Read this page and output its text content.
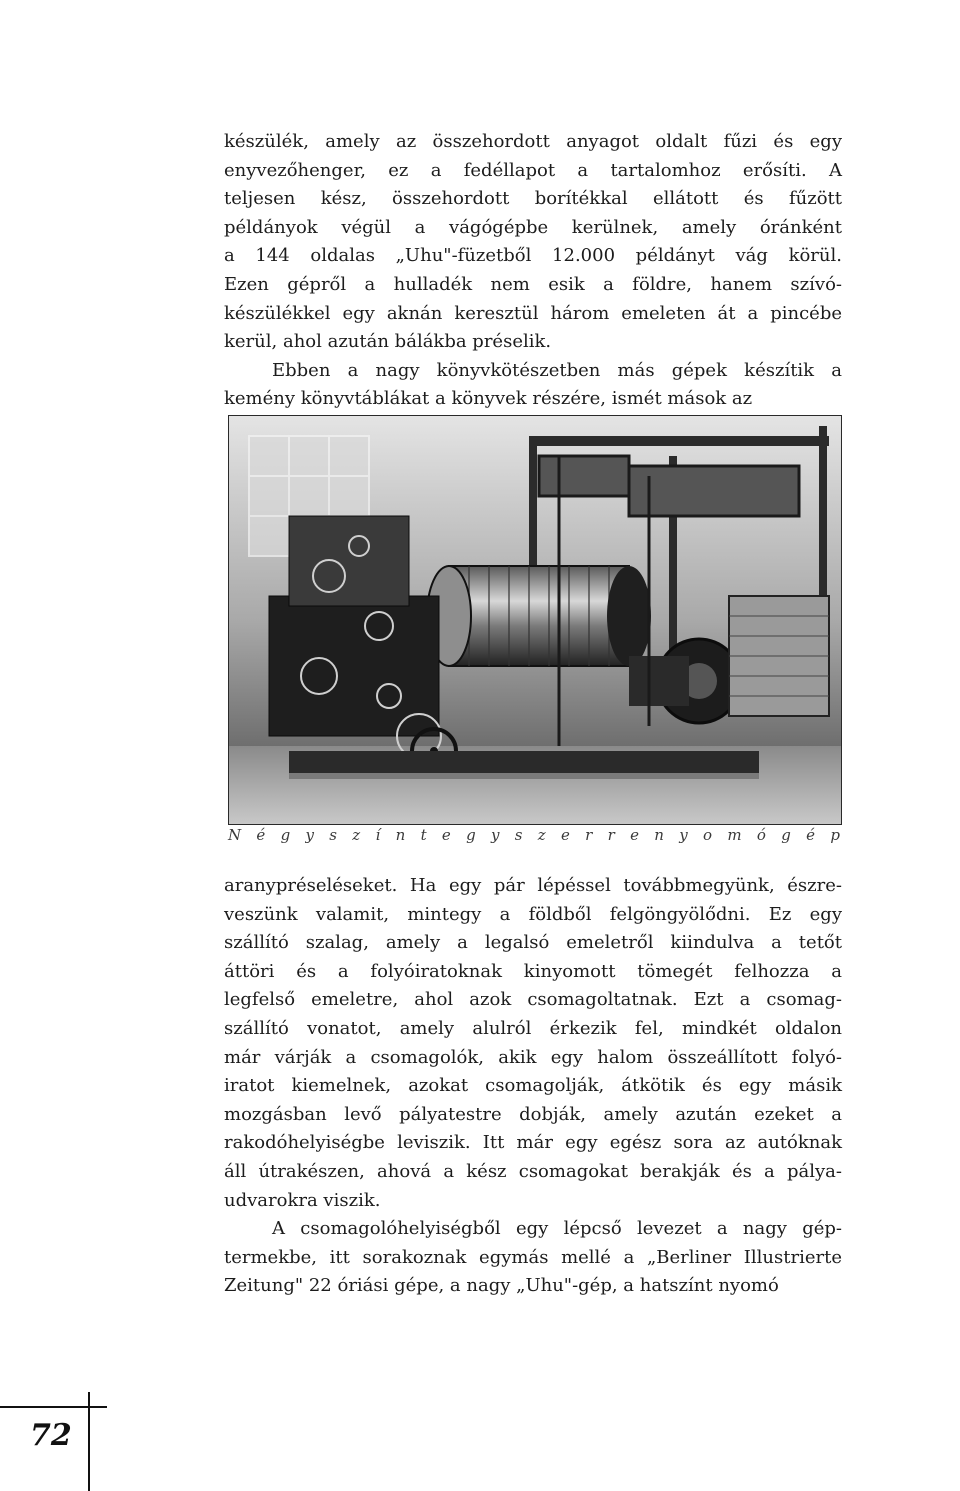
készülék, amely az összehordott anyagot oldalt fűzi és egy
enyvezőhenger, ez a fedéllapot a tartalomhoz erősíti. A
teljesen kész, összehordott borítékkal ellátott és fűzött
példányok végül a vágógépbe kerülnek, amely óránként
a 144 oldalas „Uhu"-füzetből 12.000 példányt vág körül.
Ezen gépről a hulladék nem esik a földre, hanem szívó-
készülékkel egy aknán keresztül három emeleten át a pincébe
kerül, ahol azután bálákba préselik.

Ebben a nagy könyvkötészetben más gépek készítik a
kemény könyvtáblákat a könyvek részére, ismét mások az

N é g y s z í n t e g y s z e r r e n y o m ó g é p

aranypréseléseket. Ha egy pár lépéssel továbbmegyünk, észre-
veszünk valamit, mintegy a földből felgöngyölődni. Ez egy
szállító szalag, amely a legalsó emeletről kiindulva a tetőt
áttöri és a folyóiratoknak kinyomott tömegét felhozza a
legfelső emeletre, ahol azok csomagoltatnak. Ezt a csomag-
szállító vonatot, amely alulról érkezik fel, mindkét oldalon
már várják a csomagolók, akik egy halom összeállított folyó-
iratot kiemelnek, azokat csomagolják, átkötik és egy másik
mozgásban levő pályatestre dobják, amely azután ezeket a
rakodóhelyiségbe leviszik. Itt már egy egész sora az autóknak
áll útrakészen, ahová a kész csomagokat berakják és a pálya-
udvarokra viszik.

A csomagolóhelyiségből egy lépcső levezet a nagy gép-
termekbe, itt sorakoznak egymás mellé a „Berliner Illustrierte
Zeitung" 22 óriási gépe, a nagy „Uhu"-gép, a hatszínt nyomó

72
